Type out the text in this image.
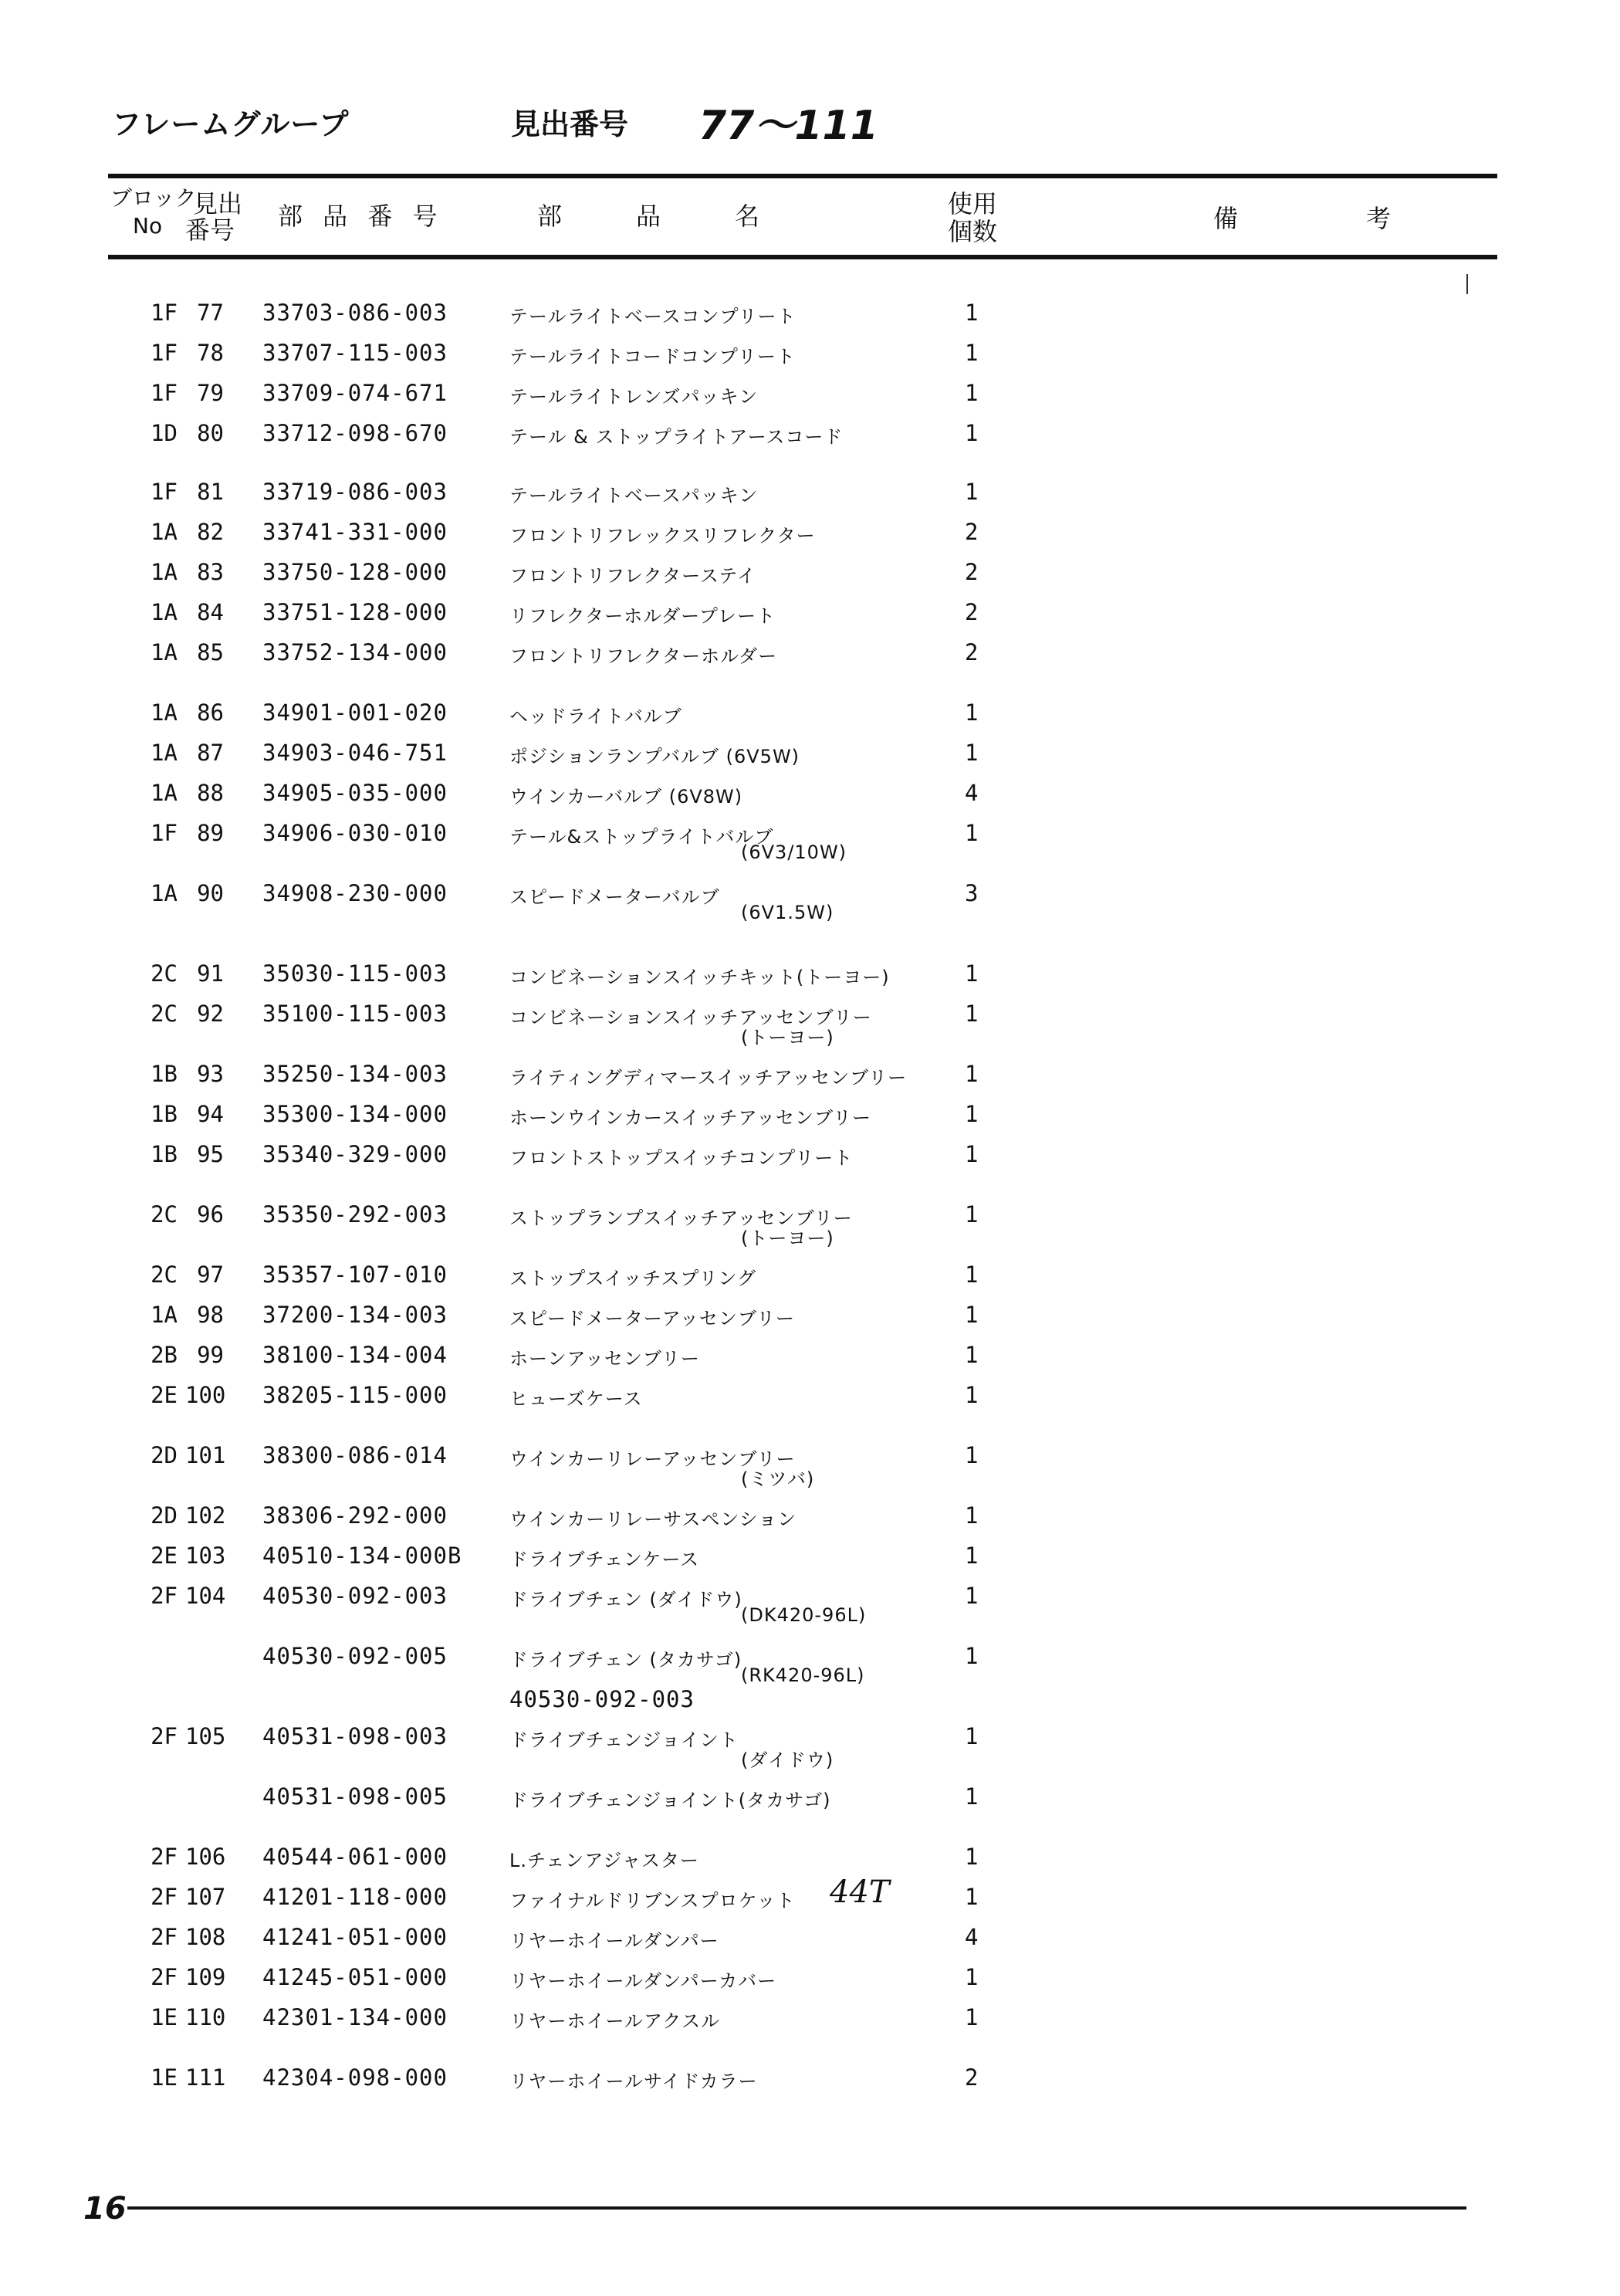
フレームグループ	見出番号 77～111
ブロック
No
見出
番号 部 品 番 号	部　　　品　　　名	使用
個数	備	考
1F 77 33703-086-003	テールライトベースコンプリート	1
1F 78 33707-115-003	テールライトコードコンプリート	1
1F 79 33709-074-671	テールライトレンズパッキン	1
1D 80 33712-098-670	テール & ストップライトアースコード	1
1F 81 33719-086-003	テールライトベースパッキン	1
1A 82 33741-331-000	フロントリフレックスリフレクター	2
1A 83 33750-128-000	フロントリフレクターステイ	2
1A 84 33751-128-000	リフレクターホルダープレート	2
1A 85 33752-134-000	フロントリフレクターホルダー	2
1A 86 34901-001-020	ヘッドライトバルブ	1
1A 87 34903-046-751	ポジションランプバルブ (6V5W)	1
1A 88 34905-035-000	ウインカーバルブ (6V8W)	4
1F 89 34906-030-010	テール&ストップライトバルブ	1
(6V3/10W)
1A 90 34908-230-000	スピードメーターバルブ	3
(6V1.5W)
2C 91 35030-115-003	コンビネーションスイッチキット(トーヨー)	1
2C 92 35100-115-003	コンビネーションスイッチアッセンブリー	1
(トーヨー)
1B 93 35250-134-003	ライティングディマースイッチアッセンブリー	1
1B 94 35300-134-000	ホーンウインカースイッチアッセンブリー	1
1B 95 35340-329-000	フロントストップスイッチコンプリート	1
2C 96 35350-292-003	ストップランプスイッチアッセンブリー	1
(トーヨー)
2C 97 35357-107-010	ストップスイッチスプリング	1
1A 98 37200-134-003	スピードメーターアッセンブリー	1
2B 99 38100-134-004	ホーンアッセンブリー	1
2E 100 38205-115-000	ヒューズケース	1
2D 101 38300-086-014	ウインカーリレーアッセンブリー	1
(ミツバ)
2D 102 38306-292-000	ウインカーリレーサスペンション	1
2E 103 40510-134-000B	ドライブチェンケース	1
2F 104 40530-092-003	ドライブチェン (ダイドウ)	1
(DK420-96L)
40530-092-005	ドライブチェン (タカサゴ)	1
(RK420-96L)
40530-092-003
2F 105 40531-098-003	ドライブチェンジョイント	1
(ダイドウ)
40531-098-005	ドライブチェンジョイント(タカサゴ)	1
2F 106 40544-061-000	L.チェンアジャスター	1
2F 107 41201-118-000	ファイナルドリブンスプロケット	1
44T
2F 108 41241-051-000	リヤーホイールダンパー	4
2F 109 41245-051-000	リヤーホイールダンパーカバー	1
1E 110 42301-134-000	リヤーホイールアクスル	1
1E 111 42304-098-000	リヤーホイールサイドカラー	2
16
